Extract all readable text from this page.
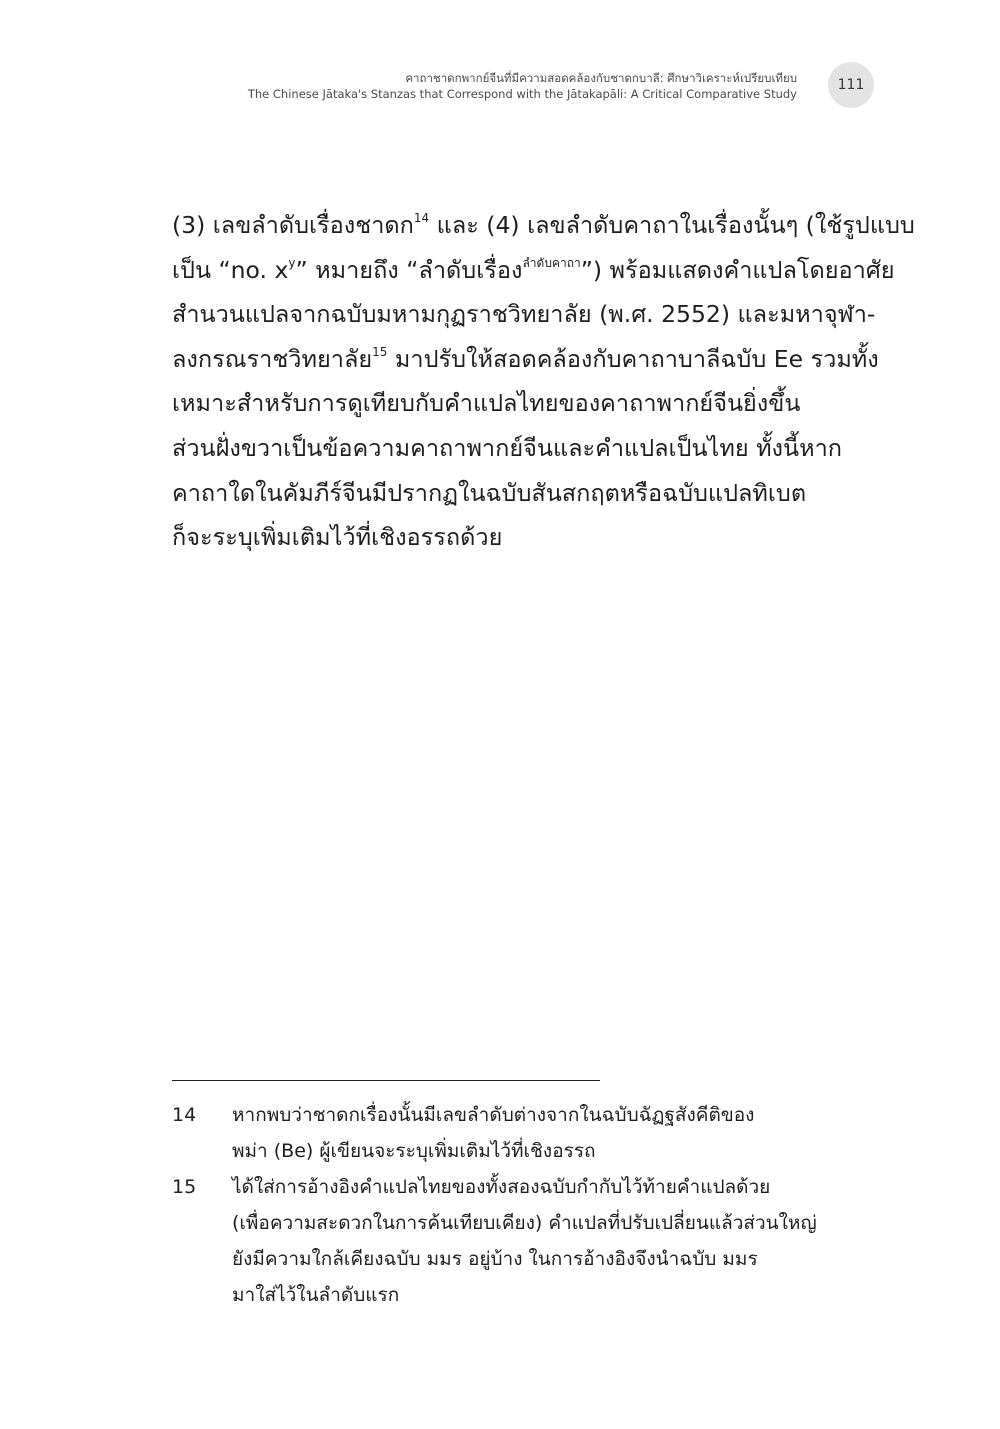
คาถาชาดกพากย์จีนที่มีความสอดคล้องกับชาดกบาลี: ศึกษาวิเคราะห์เปรียบเทียบ
The Chinese Jātaka's Stanzas that Correspond with the Jātakapāli: A Critical Comparative Study
111
(3) เลขลำดับเรื่องชาดก$^{14}$ และ (4) เลขลำดับคาถาในเรื่องนั้นๆ (ใช้รูปแบบ
เป็น “no. $x^y$” หมายถึง “ลำดับเรื่อง$^{ลำดับคาถา}$”) พร้อมแสดงคำแปลโดยอาศัย
สำนวนแปลจากฉบับมหามกุฏราชวิทยาลัย (พ.ศ. 2552) และมหาจุฬา-
ลงกรณราชวิทยาลัย$^{15}$ มาปรับให้สอดคล้องกับคาถาบาลีฉบับ Ee รวมทั้ง
เหมาะสำหรับการดูเทียบกับคำแปลไทยของคาถาพากย์จีนยิ่งขึ้น
ส่วนฝั่งขวาเป็นข้อความคาถาพากย์จีนและคำแปลเป็นไทย ทั้งนี้หาก
คาถาใดในคัมภีร์จีนมีปรากฏในฉบับสันสกฤตหรือฉบับแปลทิเบต
ก็จะระบุเพิ่มเติมไว้ที่เชิงอรรถด้วย
14	หากพบว่าชาดกเรื่องนั้นมีเลขลำดับต่างจากในฉบับฉัฏฐสังคีติของ
พม่า (Be) ผู้เขียนจะระบุเพิ่มเติมไว้ที่เชิงอรรถ
15	ได้ใส่การอ้างอิงคำแปลไทยของทั้งสองฉบับกำกับไว้ท้ายคำแปลด้วย
(เพื่อความสะดวกในการค้นเทียบเคียง) คำแปลที่ปรับเปลี่ยนแล้วส่วนใหญ่
ยังมีความใกล้เคียงฉบับ มมร อยู่บ้าง ในการอ้างอิงจึงนำฉบับ มมร
มาใส่ไว้ในลำดับแรก
